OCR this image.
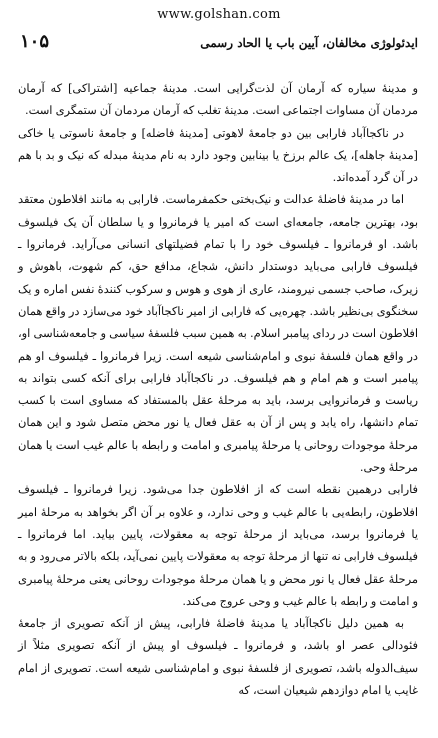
www.golshan.com
۱۰۵	ایدئولوژی مخالفان، آیین باب یا الحاد رسمی

و مدینهٔ سیاره که آرمان آن لذت‌گرایی است. مدینهٔ جماعیه [اشتراکی] که آرمان مردمان آن مساوات اجتماعی است. مدینهٔ تغلب که آرمان مردمان آن ستمگری است.

در ناکجاآباد فارابی بین دو جامعهٔ لاهوتی [مدینهٔ فاضله] و جامعهٔ ناسوتی یا خاکی [مدینهٔ جاهله]، یک عالم برزخ یا بینابین وجود دارد به نام مدینهٔ مبدله که نیک و بد با هم در آن گرد آمده‌اند.

اما در مدینهٔ فاضلهٔ عدالت و نیک‌بختی حکمفرماست. فارابی به مانند افلاطون معتقد بود، بهترین جامعه، جامعه‌ای است که امیر یا فرمانروا و یا سلطان آن یک فیلسوف باشد. او فرمانروا ـ فیلسوف خود را با تمام فضیلتهای انسانی می‌آراید. فرمانروا ـ فیلسوف فارابی می‌باید دوستدار دانش، شجاع، مدافع حق، کم شهوت، باهوش و زیرک، صاحب جسمی نیرومند، عاری از هوی و هوس و سرکوب کنندهٔ نفس اماره و یک سخنگوی بی‌نظیر باشد. چهره‌یی که فارابی از امیر ناکجاآباد خود می‌سازد در واقع همان افلاطون است در ردای پیامبر اسلام. به همین سبب فلسفهٔ سیاسی و جامعه‌شناسی او، در واقع همان فلسفهٔ نبوی و امام‌شناسی شیعه است. زیرا فرمانروا ـ فیلسوف او هم پیامبر است و هم امام و هم فیلسوف. در ناکجاآباد فارابی برای آنکه کسی بتواند به ریاست و فرمانروایی برسد، باید به مرحلهٔ عقل بالمستفاد که مساوی است با کسب تمام دانشها، راه یابد و پس از آن به عقل فعال یا نور محض متصل شود و این همان مرحلهٔ موجودات روحانی یا مرحلهٔ پیامبری و امامت و رابطه با عالم غیب است یا همان مرحلهٔ وحی.

فارابی درهمین نقطه است که از افلاطون جدا می‌شود. زیرا فرمانروا ـ فیلسوف افلاطون، رابطه‌یی با عالم غیب و وحی ندارد، و علاوه بر آن اگر بخواهد به مرحلهٔ امیر یا فرمانروا برسد، می‌باید از مرحلهٔ توجه به معقولات، پایین بیاید. اما فرمانروا ـ فیلسوف فارابی نه تنها از مرحلهٔ توجه به معقولات پایین نمی‌آید، بلکه بالاتر می‌رود و به مرحلهٔ عقل فعال یا نور محض و یا همان مرحلهٔ موجودات روحانی یعنی مرحلهٔ پیامبری و امامت و رابطه با عالم غیب و وحی عروج می‌کند.

به همین دلیل ناکجاآباد یا مدینهٔ فاضلهٔ فارابی، پیش از آنکه تصویری از جامعهٔ فئودالی عصر او باشد، و فرمانروا ـ فیلسوف او پیش از آنکه تصویری مثلاً از سیف‌الدوله باشد، تصویری از فلسفهٔ نبوی و امام‌شناسی شیعه است. تصویری از امام غایب یا امام دوازدهم شیعیان است، که
